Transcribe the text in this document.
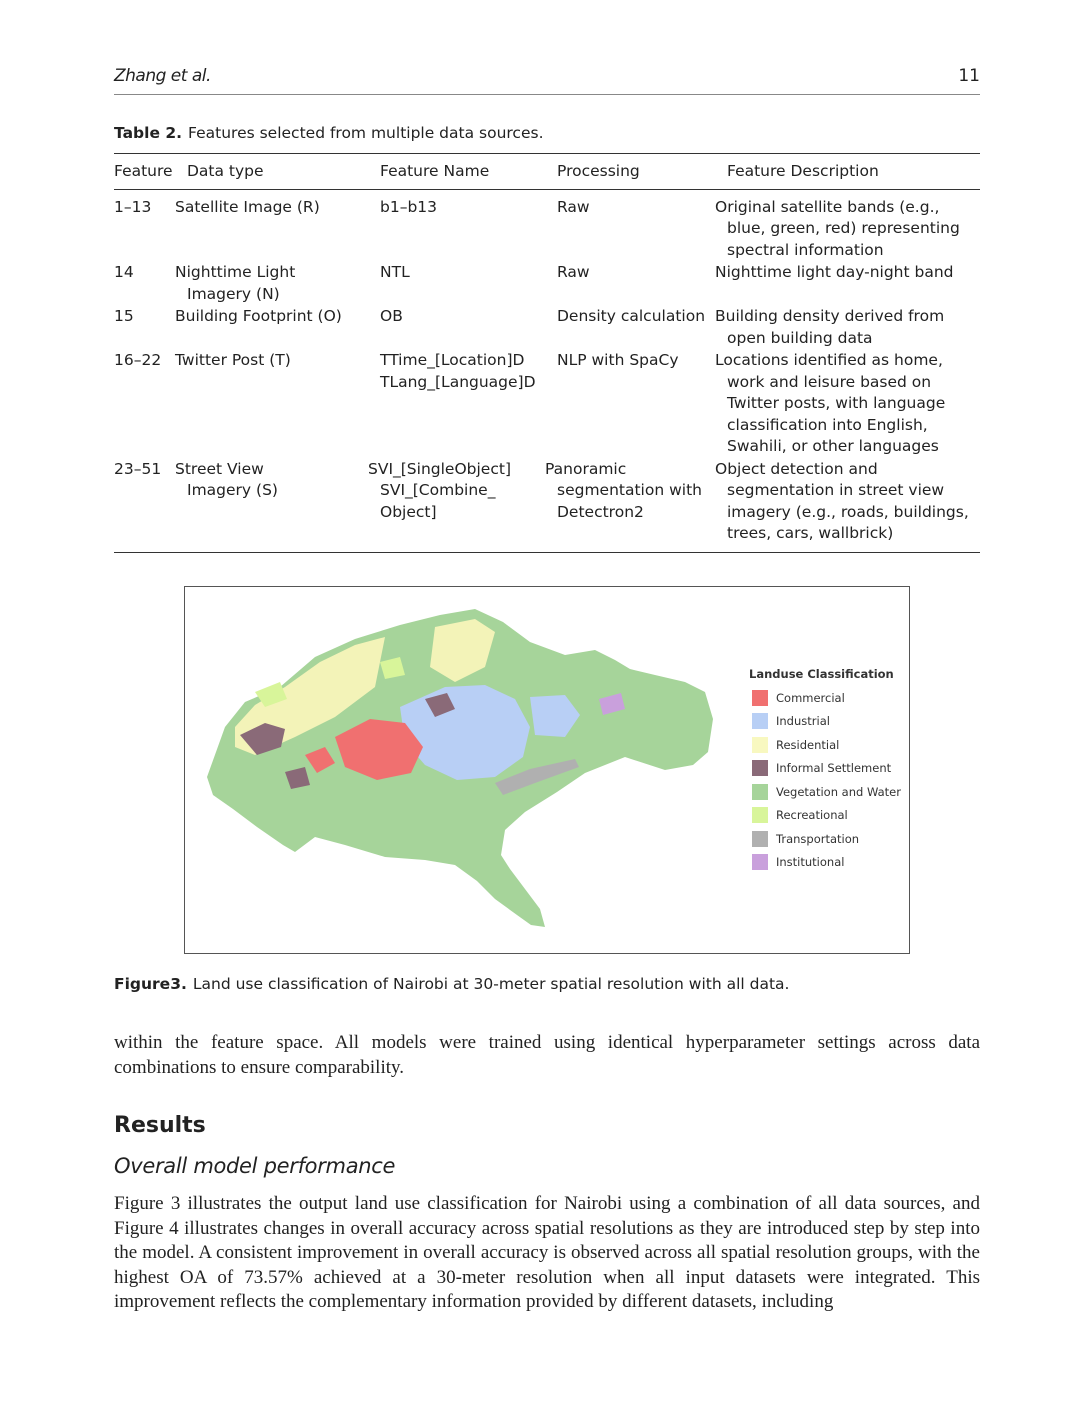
Zhang et al.	11
Table 2. Features selected from multiple data sources.
Feature	Data type	Feature Name	Processing	Feature Description
1–13	Satellite Image (R)	b1–b13	Raw	Original satellite bands (e.g., blue, green, red) representing spectral information
14	Nighttime Light Imagery (N)	NTL	Raw	Nighttime light day-night band
15	Building Footprint (O)	OB	Density calculation	Building density derived from open building data
16–22	Twitter Post (T)	TTime_[Location]D TLang_[Language]D	NLP with SpaCy	Locations identified as home, work and leisure based on Twitter posts, with language classification into English, Swahili, or other languages
23–51	Street View Imagery (S)	SVI_[SingleObject] SVI_[Combine_ Object]	Panoramic segmentation with Detectron2	Object detection and segmentation in street view imagery (e.g., roads, buildings, trees, cars, wallbrick)
Landuse Classification
Commercial
Industrial
Residential
Informal Settlement
Vegetation and Water
Recreational
Transportation
Institutional
Figure3. Land use classification of Nairobi at 30-meter spatial resolution with all data.
within the feature space. All models were trained using identical hyperparameter settings across data combinations to ensure comparability.
Results
Overall model performance
Figure 3 illustrates the output land use classification for Nairobi using a combination of all data sources, and Figure 4 illustrates changes in overall accuracy across spatial resolutions as they are introduced step by step into the model. A consistent improvement in overall accuracy is observed across all spatial resolution groups, with the highest OA of 73.57% achieved at a 30-meter resolution when all input datasets were integrated. This improvement reflects the complementary information provided by different datasets, including
